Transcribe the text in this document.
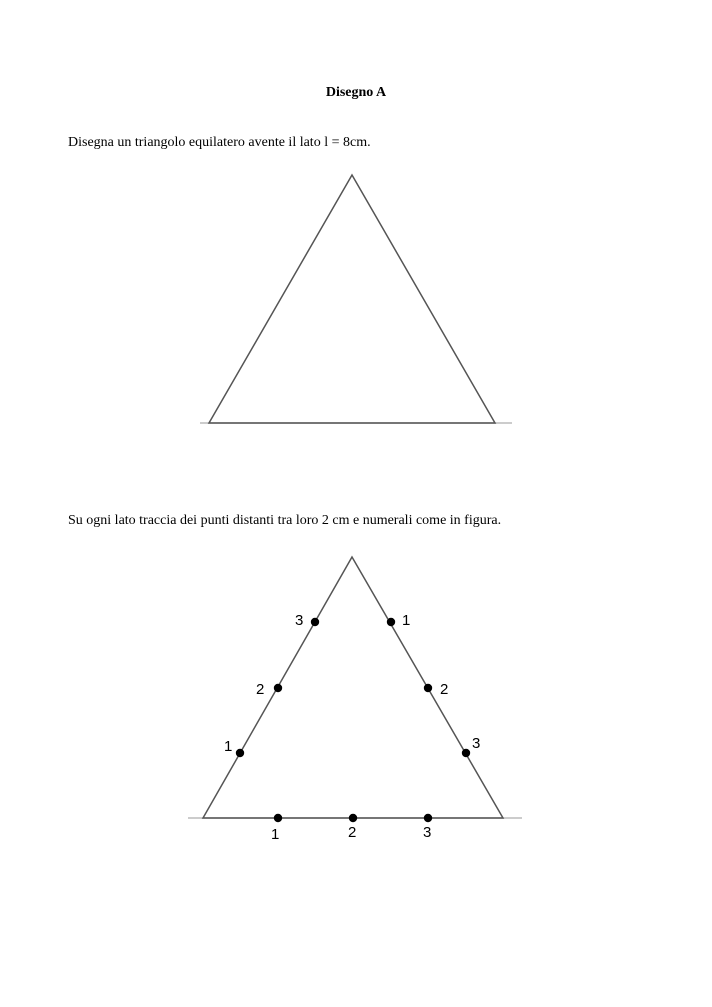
Disegno A
Disegna un triangolo equilatero avente il lato l = 8cm.
1
2
3	1
2
3
1	2	3
Su ogni lato traccia dei punti distanti tra loro 2 cm e numerali come in figura.
